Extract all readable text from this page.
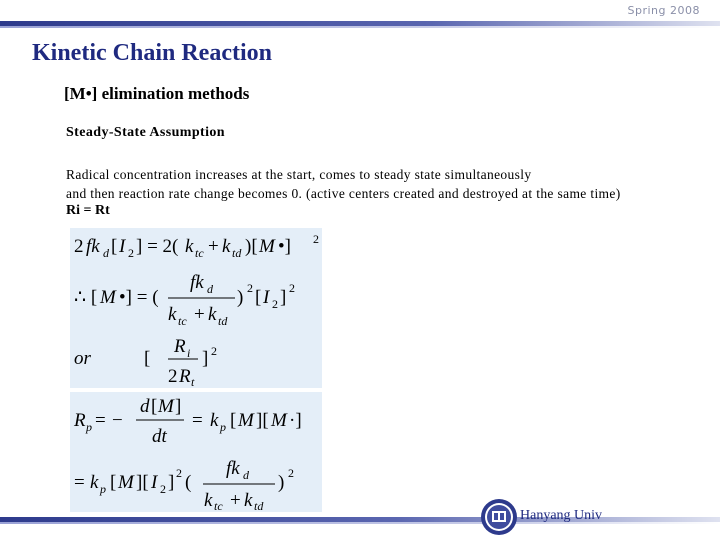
Spring 2008
Kinetic Chain Reaction
[M•] elimination methods
Steady-State Assumption
Radical concentration increases at the start, comes to steady state simultaneously
and then reaction rate change becomes 0. (active centers created and destroyed at the same time)
Ri = Rt
2 fk d [ I 2 ] = 2( k tc + k td )[ M •] 2
∴ [ M •] = (
fk d
k tc + k td
) 2 [ I 2 ] 2
or	[
R i
2 R t
] 2
R p = −
d [ M ]
dt
= k p [ M ][ M ·]
= k p [ M ][ I 2 ] 2 (
fk d
k tc + k td
) 2
Hanyang Univ
